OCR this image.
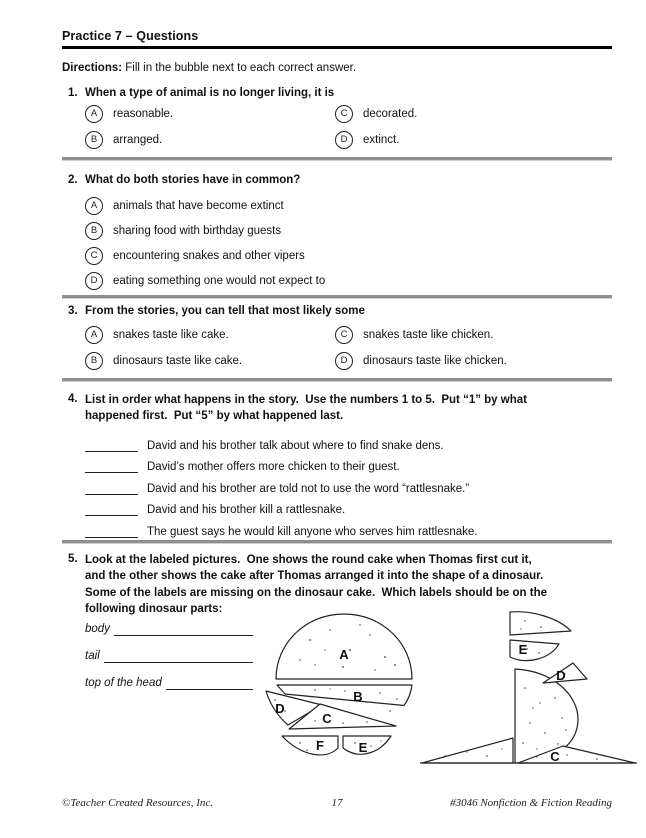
Practice 7 – Questions
Directions: Fill in the bubble next to each correct answer.
1. When a type of animal is no longer living, it is
A	reasonable.	C	decorated.
B	arranged.	D	extinct.
2. What do both stories have in common?
A	animals that have become extinct
B	sharing food with birthday guests
C	encountering snakes and other vipers
D	eating something one would not expect to
3. From the stories, you can tell that most likely some
A	snakes taste like cake.	C	snakes taste like chicken.
B	dinosaurs taste like cake.	D	dinosaurs taste like chicken.
4. List in order what happens in the story.  Use the numbers 1 to 5.  Put “1” by what
happened first.  Put “5” by what happened last.
David and his brother talk about where to find snake dens.
David’s mother offers more chicken to their guest.
David and his brother are told not to use the word “rattlesnake.”
David and his brother kill a rattlesnake.
The guest says he would kill anyone who serves him rattlesnake.
5. Look at the labeled pictures.  One shows the round cake when Thomas first cut it,
and the other shows the cake after Thomas arranged it into the shape of a dinosaur.
Some of the labels are missing on the dinosaur cake.  Which labels should be on the
following dinosaur parts:
body
tail
top of the head
A
B
D
C
F	E
E
D
C
©Teacher Created Resources, Inc.	17	#3046 Nonfiction & Fiction Reading
